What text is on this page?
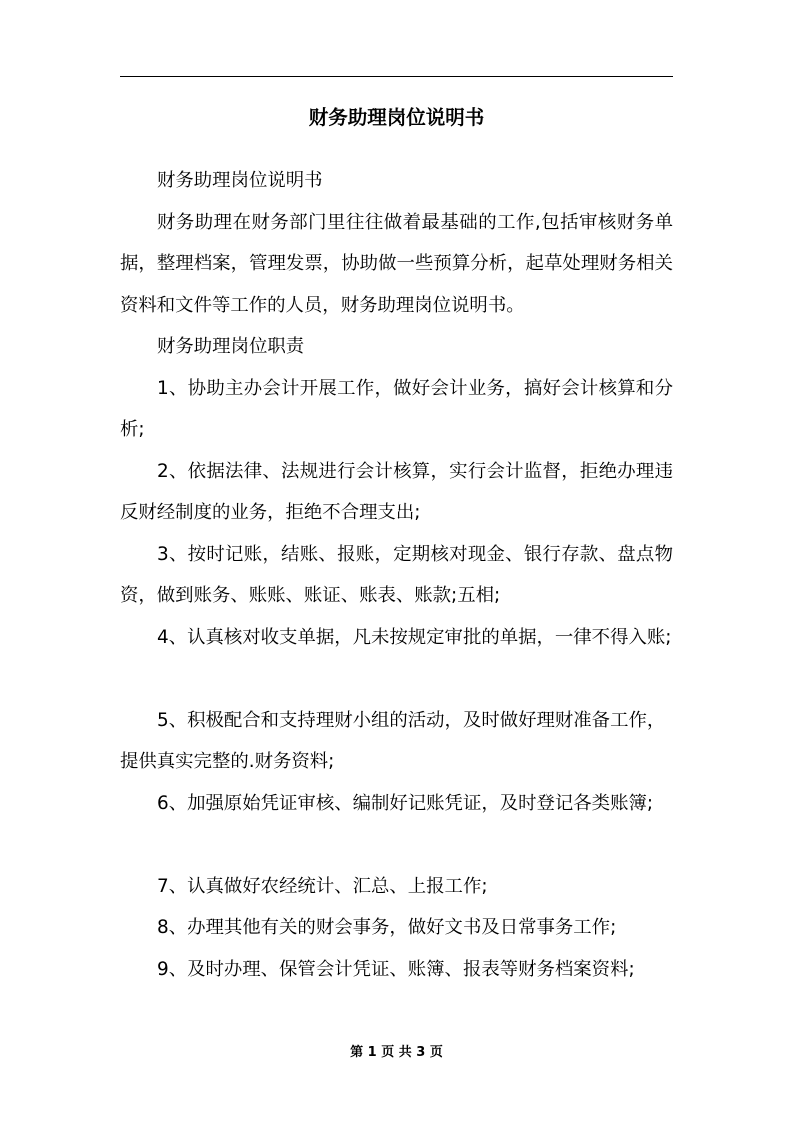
财务助理岗位说明书
财务助理岗位说明书
财务助理在财务部门里往往做着最基础的工作,包括审核财务单
据，整理档案，管理发票，协助做一些预算分析，起草处理财务相关
资料和文件等工作的人员，财务助理岗位说明书。
财务助理岗位职责
1、协助主办会计开展工作，做好会计业务，搞好会计核算和分
析;
2、依据法律、法规进行会计核算，实行会计监督，拒绝办理违
反财经制度的业务，拒绝不合理支出;
3、按时记账，结账、报账，定期核对现金、银行存款、盘点物
资，做到账务、账账、账证、账表、账款;五相;
4、认真核对收支单据，凡未按规定审批的单据，一律不得入账;
5、积极配合和支持理财小组的活动，及时做好理财准备工作，
提供真实完整的.财务资料;
6、加强原始凭证审核、编制好记账凭证，及时登记各类账簿;
7、认真做好农经统计、汇总、上报工作;
8、办理其他有关的财会事务，做好文书及日常事务工作;
9、及时办理、保管会计凭证、账簿、报表等财务档案资料;
第 1 页 共 3 页
